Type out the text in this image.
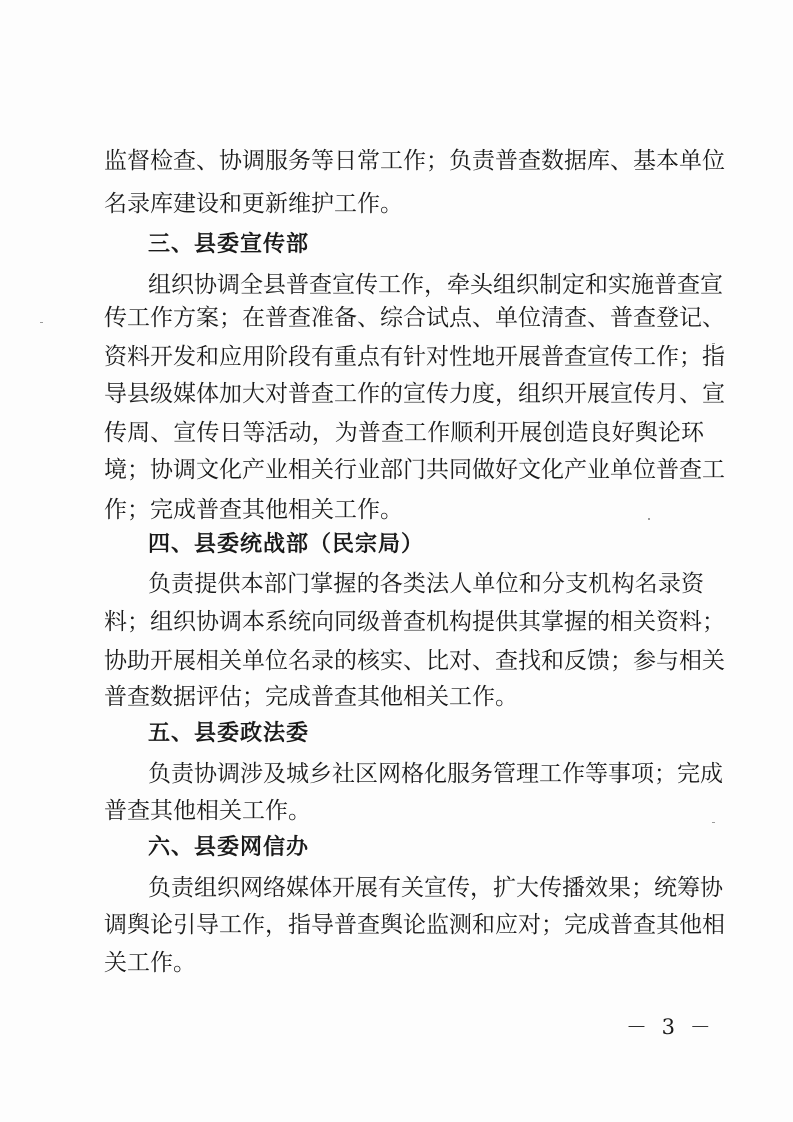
监督检查、协调服务等日常工作；负责普查数据库、基本单位
名录库建设和更新维护工作。
三、县委宣传部
组织协调全县普查宣传工作，牵头组织制定和实施普查宣
传工作方案；在普查准备、综合试点、单位清查、普查登记、
资料开发和应用阶段有重点有针对性地开展普查宣传工作；指
导县级媒体加大对普查工作的宣传力度，组织开展宣传月、宣
传周、宣传日等活动，为普查工作顺利开展创造良好舆论环
境；协调文化产业相关行业部门共同做好文化产业单位普查工
作；完成普查其他相关工作。
四、县委统战部（民宗局）
负责提供本部门掌握的各类法人单位和分支机构名录资
料；组织协调本系统向同级普查机构提供其掌握的相关资料；
协助开展相关单位名录的核实、比对、查找和反馈；参与相关
普查数据评估；完成普查其他相关工作。
五、县委政法委
负责协调涉及城乡社区网格化服务管理工作等事项；完成
普查其他相关工作。
六、县委网信办
负责组织网络媒体开展有关宣传，扩大传播效果；统筹协
调舆论引导工作，指导普查舆论监测和应对；完成普查其他相
关工作。
－ 3 －
